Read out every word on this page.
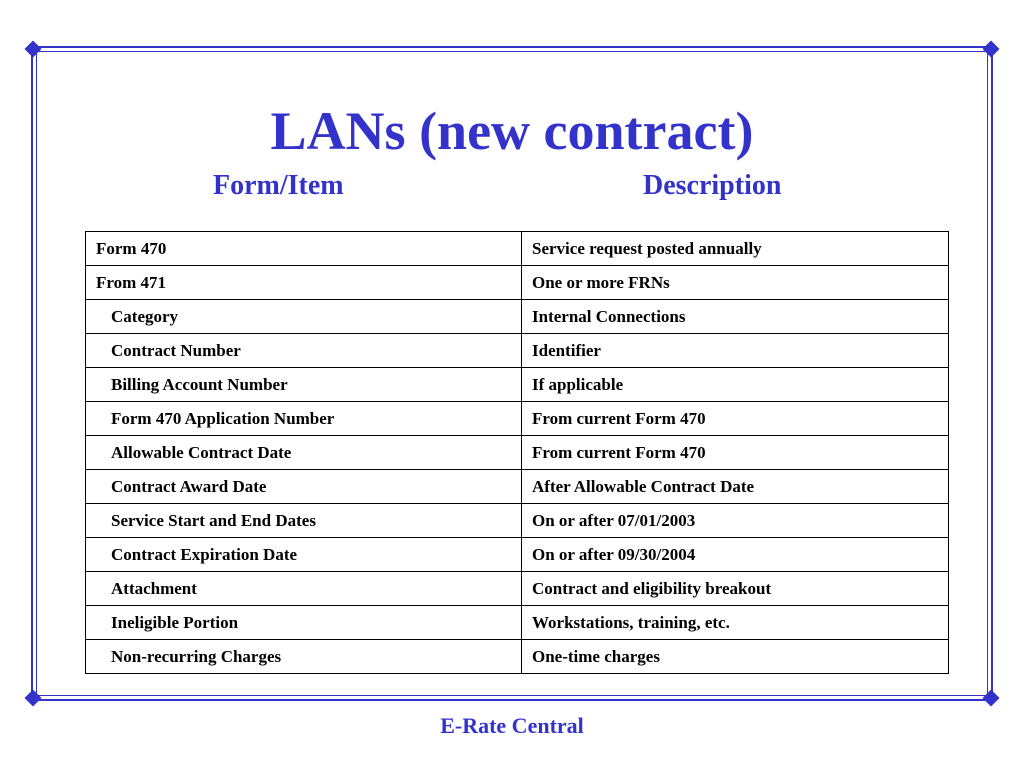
LANs (new contract)
Form/Item	Description
Form 470	Service request posted annually
From 471	One or more FRNs
Category	Internal Connections
Contract Number	Identifier
Billing Account Number	If applicable
Form 470 Application Number	From current Form 470
Allowable Contract Date	From current Form 470
Contract Award Date	After Allowable Contract Date
Service Start and End Dates	On or after 07/01/2003
Contract Expiration Date	On or after 09/30/2004
Attachment	Contract and eligibility breakout
Ineligible Portion	Workstations, training, etc.
Non-recurring Charges	One-time charges
E-Rate Central
